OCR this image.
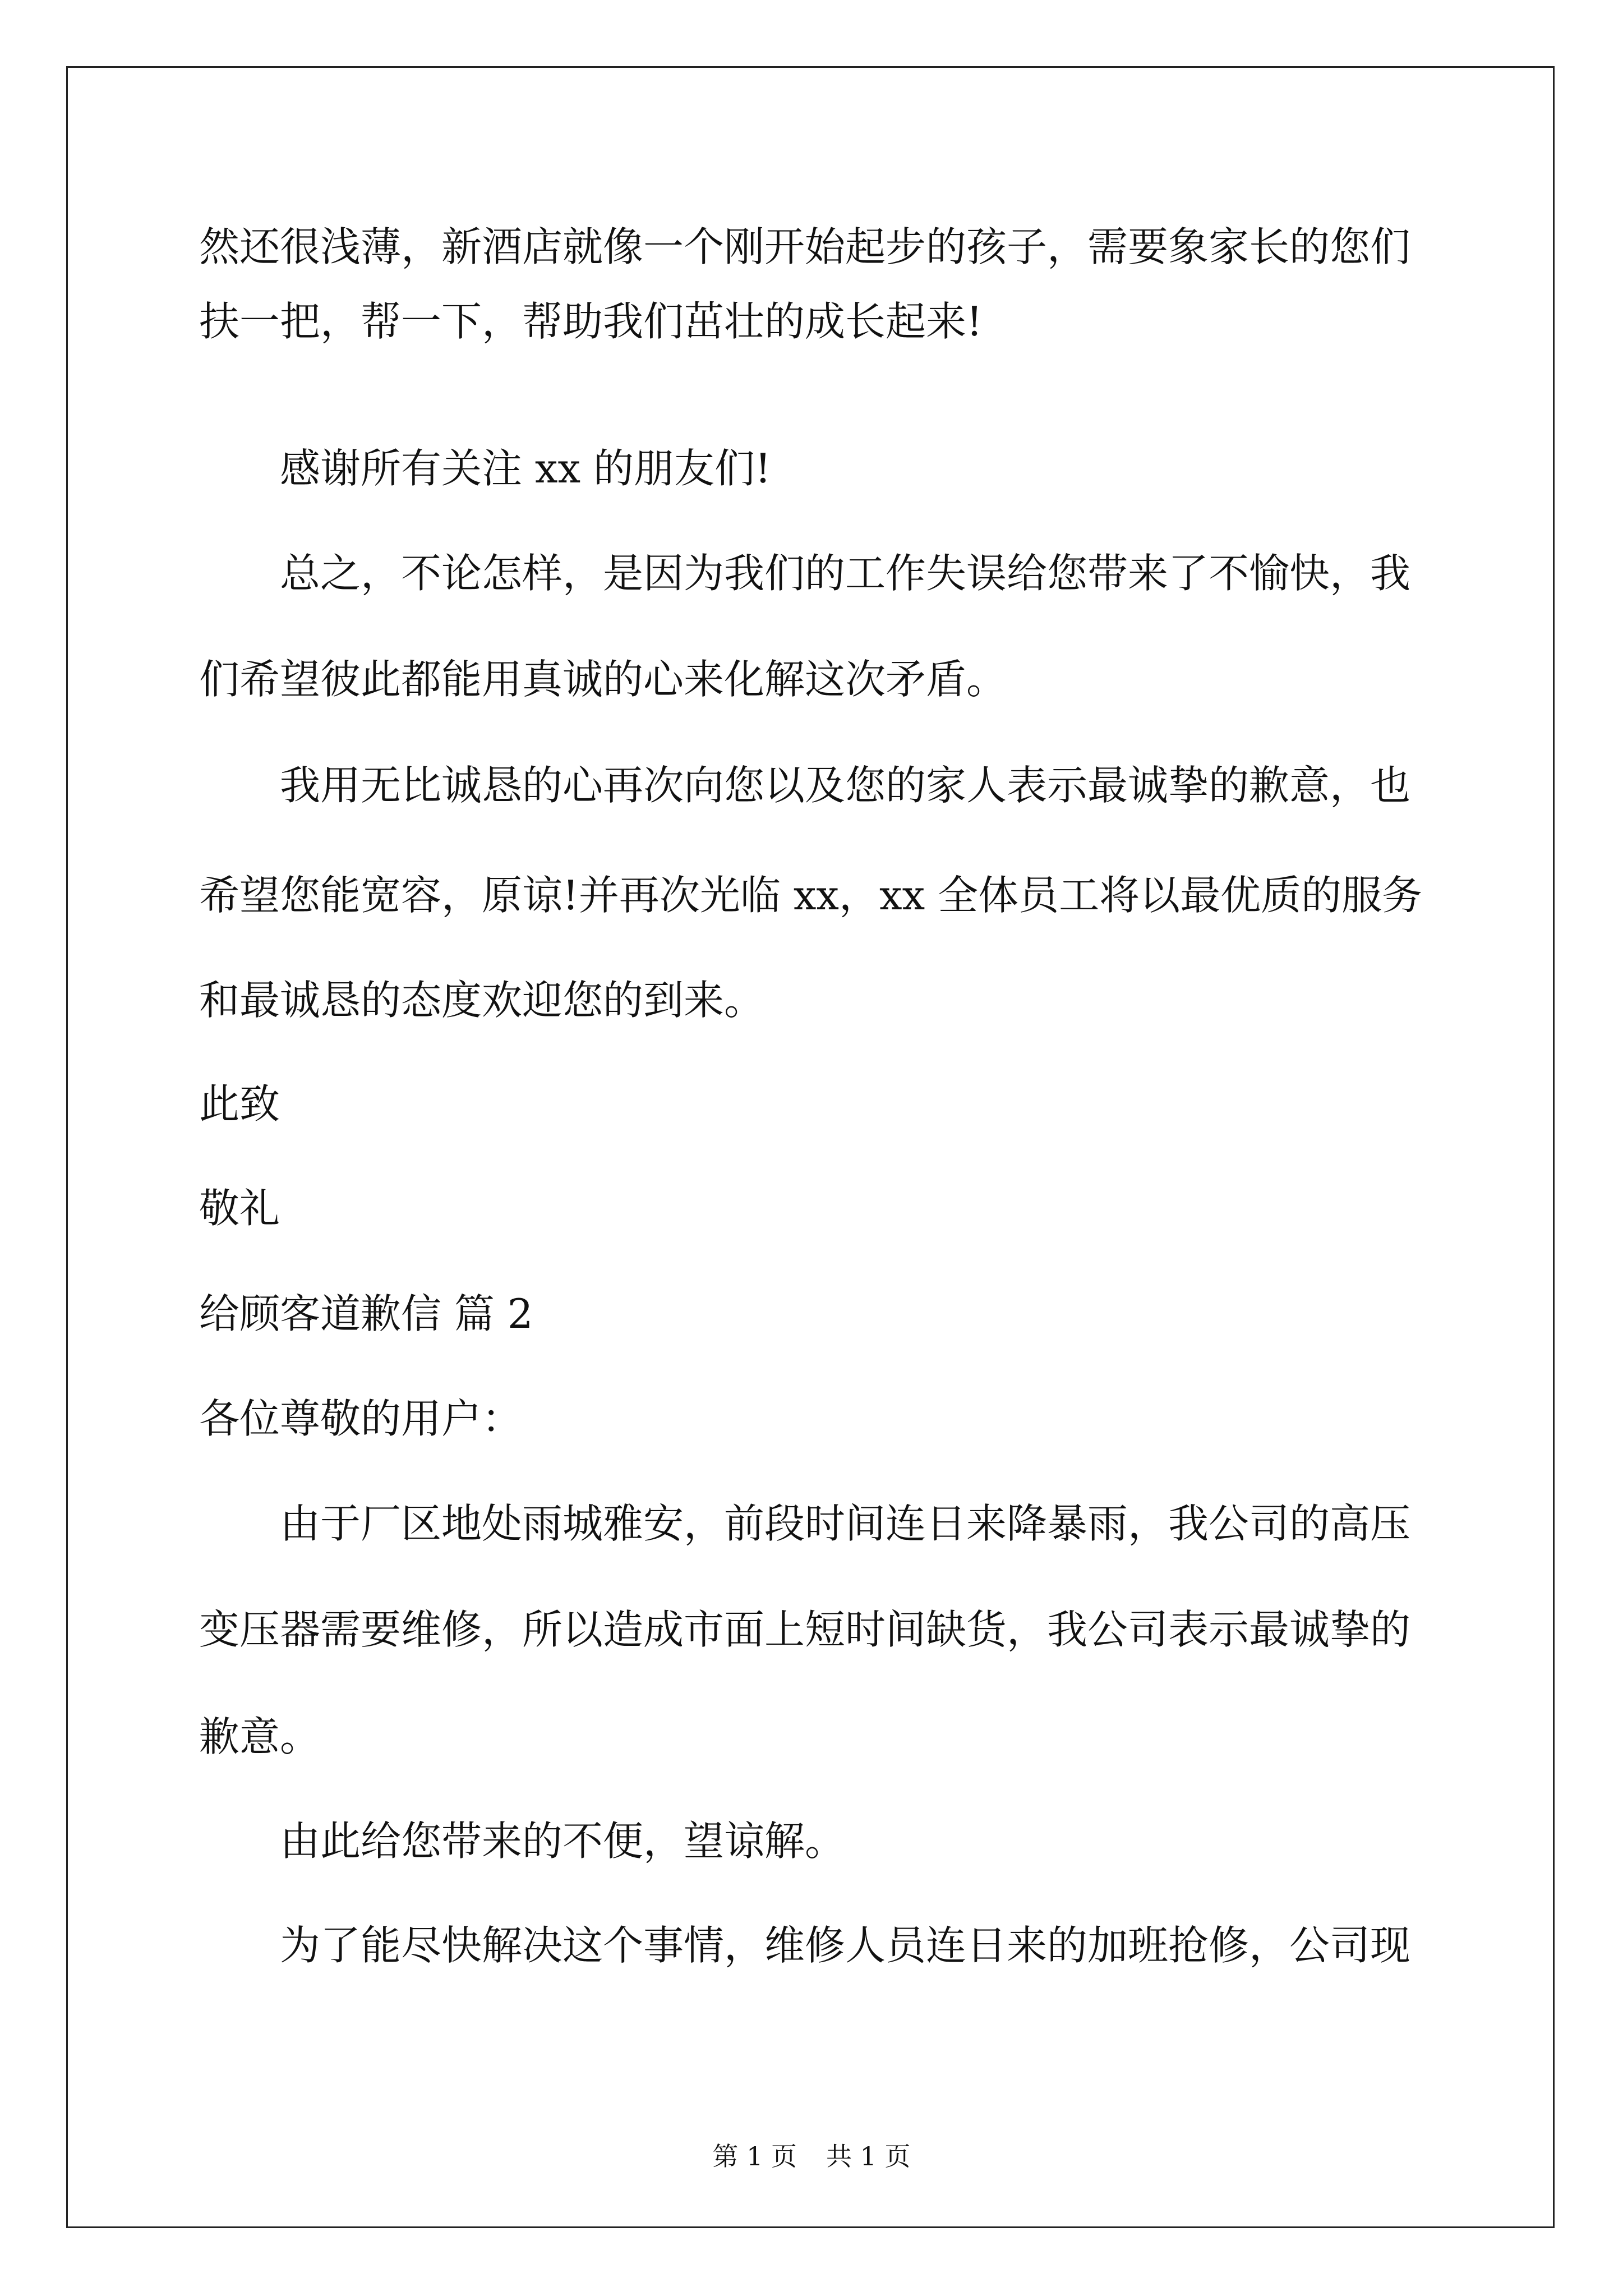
然还很浅薄，新酒店就像一个刚开始起步的孩子，需要象家长的您们
扶一把，帮一下，帮助我们茁壮的成长起来!
感谢所有关注 xx 的朋友们!
总之，不论怎样，是因为我们的工作失误给您带来了不愉快，我
们希望彼此都能用真诚的心来化解这次矛盾。
我用无比诚恳的心再次向您以及您的家人表示最诚挚的歉意，也
希望您能宽容，原谅!并再次光临 xx，xx 全体员工将以最优质的服务
和最诚恳的态度欢迎您的到来。
此致
敬礼
给顾客道歉信 篇 2
各位尊敬的用户：
由于厂区地处雨城雅安，前段时间连日来降暴雨，我公司的高压
变压器需要维修，所以造成市面上短时间缺货，我公司表示最诚挚的
歉意。
由此给您带来的不便，望谅解。
为了能尽快解决这个事情，维修人员连日来的加班抢修，公司现
第 1 页 共 1 页
